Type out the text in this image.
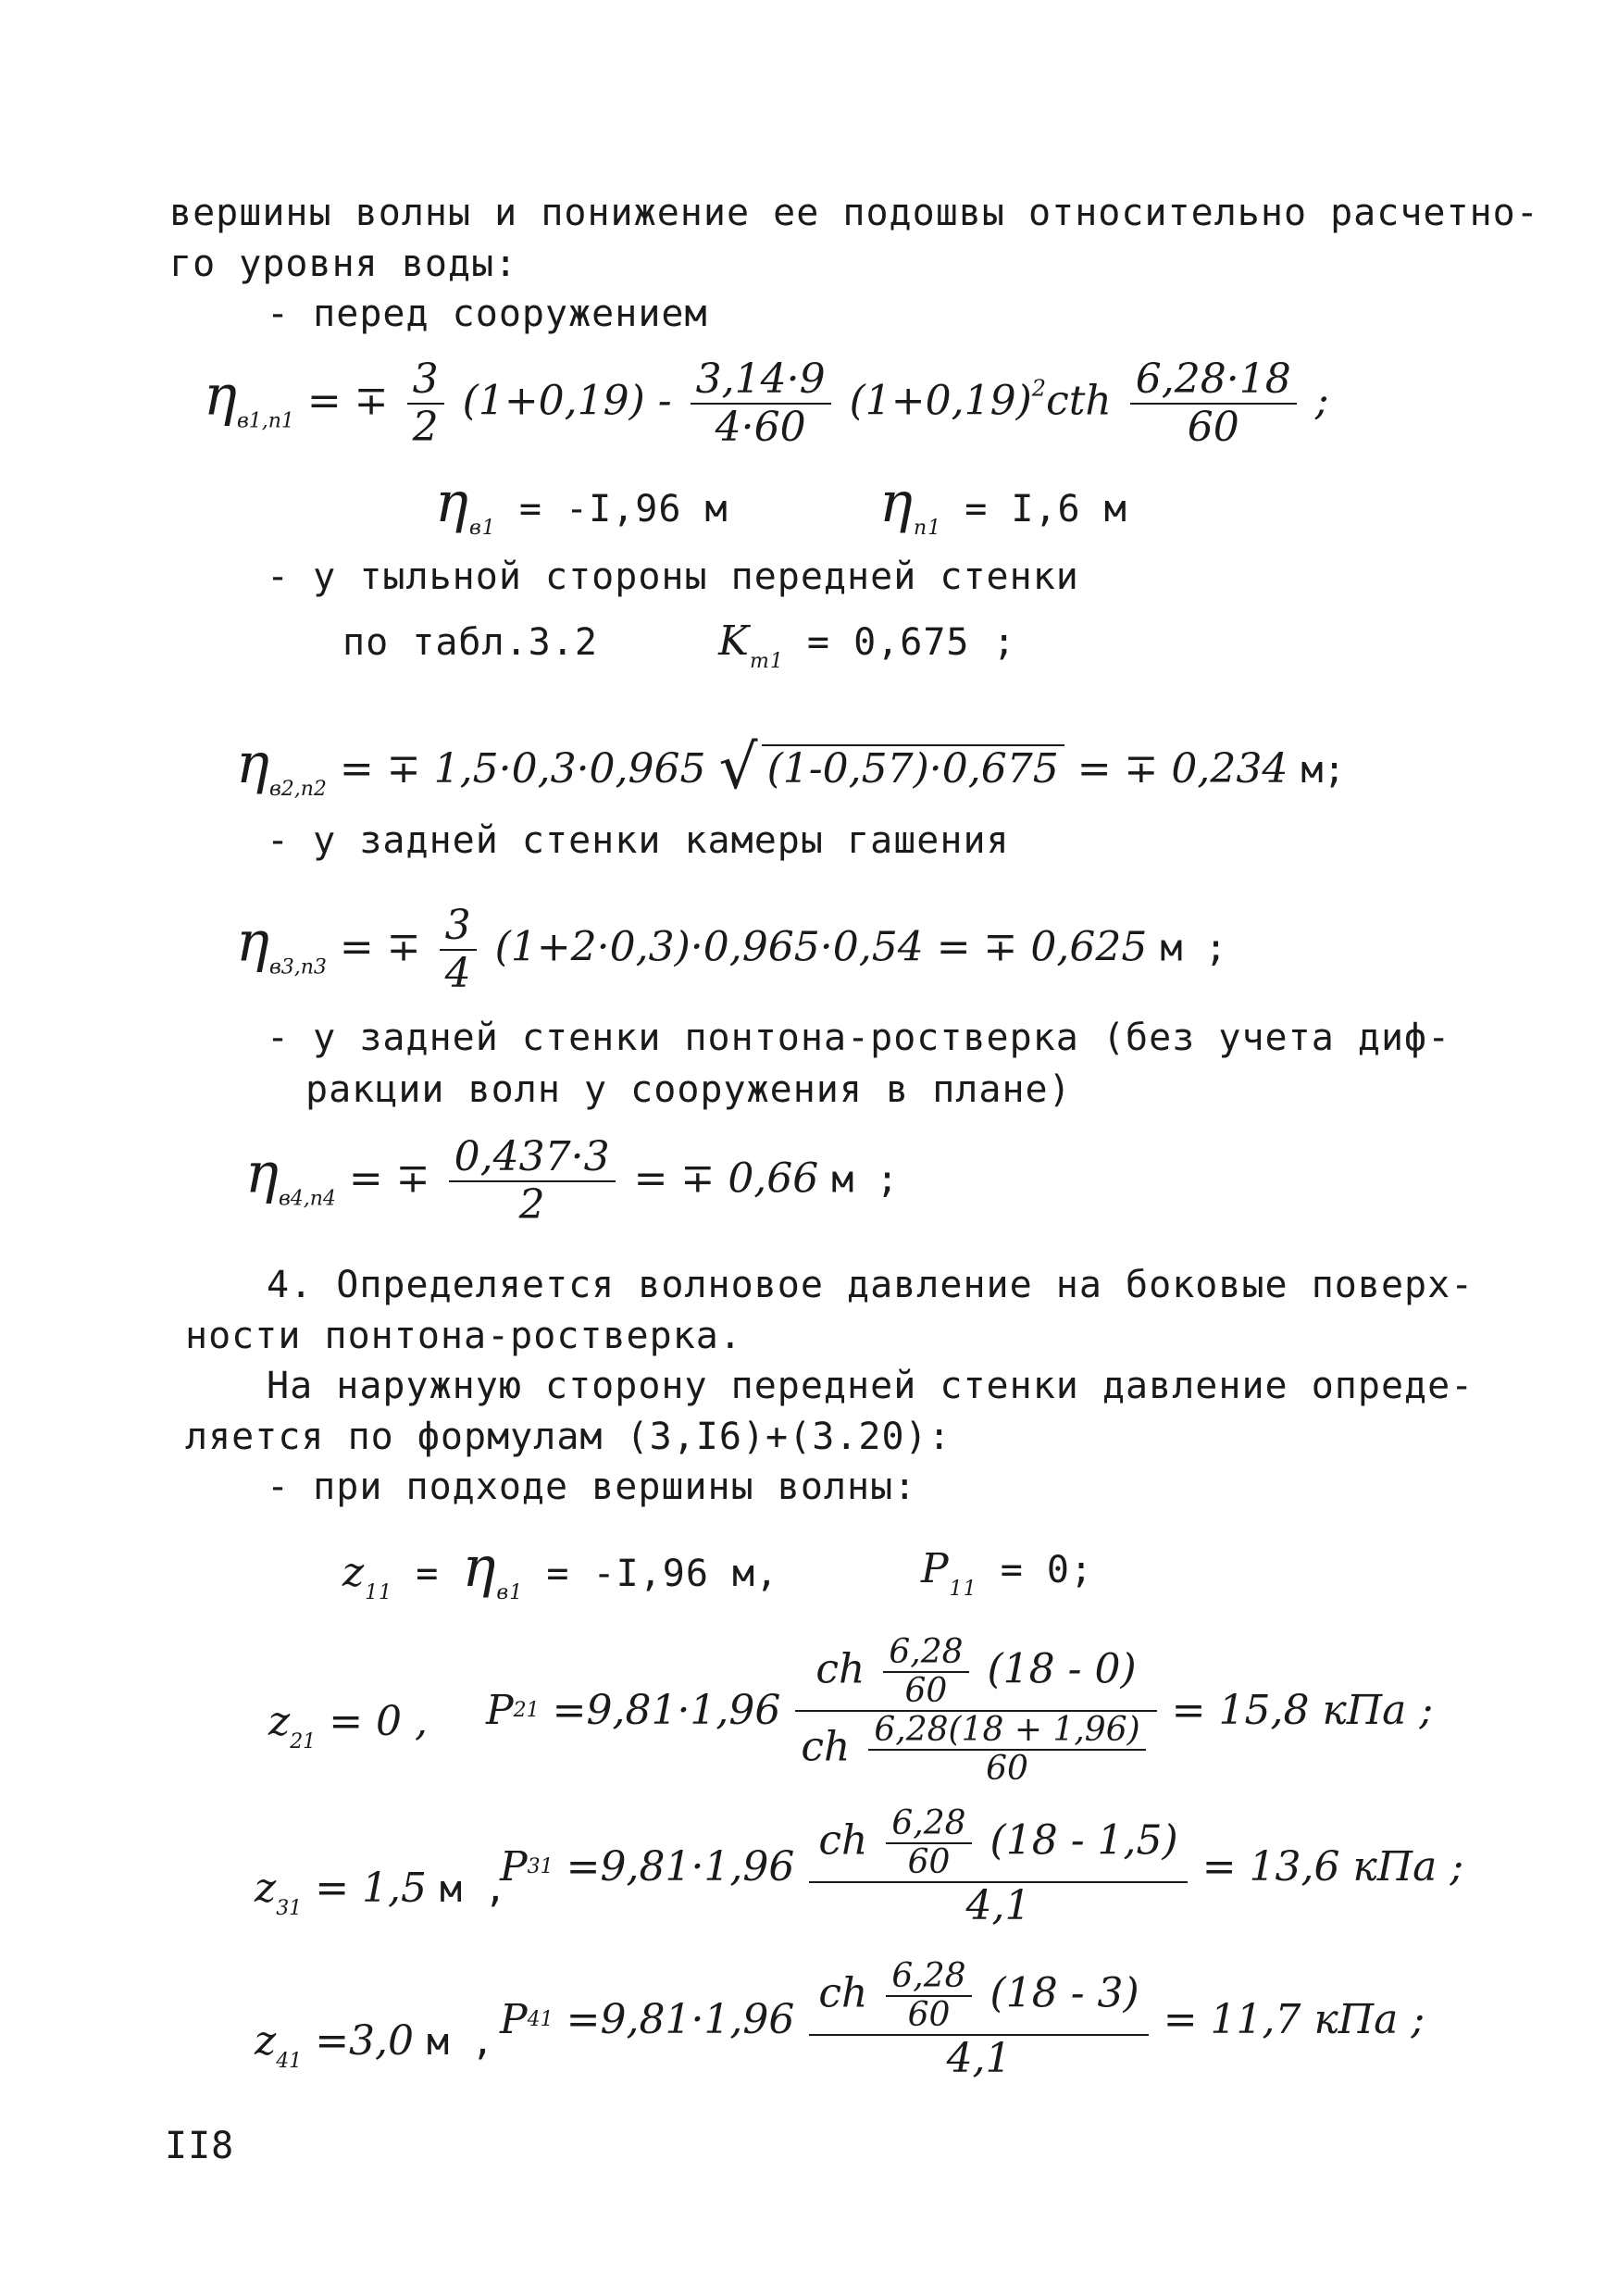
вершины волны и понижение ее подошвы относительно расчетно-
го уровня воды:
- перед сооружением
$\eta_{в1,п1}$ = ∓ $\frac{3}{2} (1+0,19) - \frac{3,14\cdot 9}{4\cdot 60} (1+0,19)^2cth \frac{6,28\cdot 18}{60}$ ;
$\eta_{в1} = -I,96$ м	$\eta_{п1} = I,6$ м
- у тыльной стороны передней стенки
по табл.3.2	$K_{т1} = 0,675$ ;
$\eta_{в2,п2}$ = ∓ 1,5·0,3·0,965 √ (1-0,57)·0,675 = ∓ 0,234 м;
- у задней стенки камеры гашения
$\eta_{в3,п3}$ = ∓ $\frac{3}{4} (1+2\cdot 0,3)\cdot 0,965\cdot 0,54$ = ∓ 0,625 м ;
- у задней стенки понтона-ростверка (без учета диф-
ракции волн у сооружения в плане)
$\eta_{в4,п4}$ = ∓ $\frac{0,437\cdot 3}{2}$ = ∓ 0,66 м ;
4. Определяется волновое давление на боковые поверх-
ности понтона-ростверка.
На наружную сторону передней стенки давление опреде-
ляется по формулам (3,I6)+(3.20):
- при подходе вершины волны:
$z_{11} = \eta_{в1} = -I,96$ м,	$P_{11} = 0$;
$z_{21} = 0$ , $P21 =9,81\cdot 1,96 \frac{ch \frac{6,28}{60} (18 - 0)}{ch \frac{6,28(18 + 1,96)}{60}} = 15,8$ кПа ;
$z_{31} = 1,5$ м ,
$P31 =9,81\cdot 1,96 \frac{ch \frac{6,28}{60} (18 - 1,5)}{4,1} = 13,6$ кПа ;
$z_{41} =3,0$ м , $P41 =9,81\cdot 1,96 \frac{ch \frac{6,28}{60} (18 - 3)}{4,1} = 11,7$ кПа ;
II8
